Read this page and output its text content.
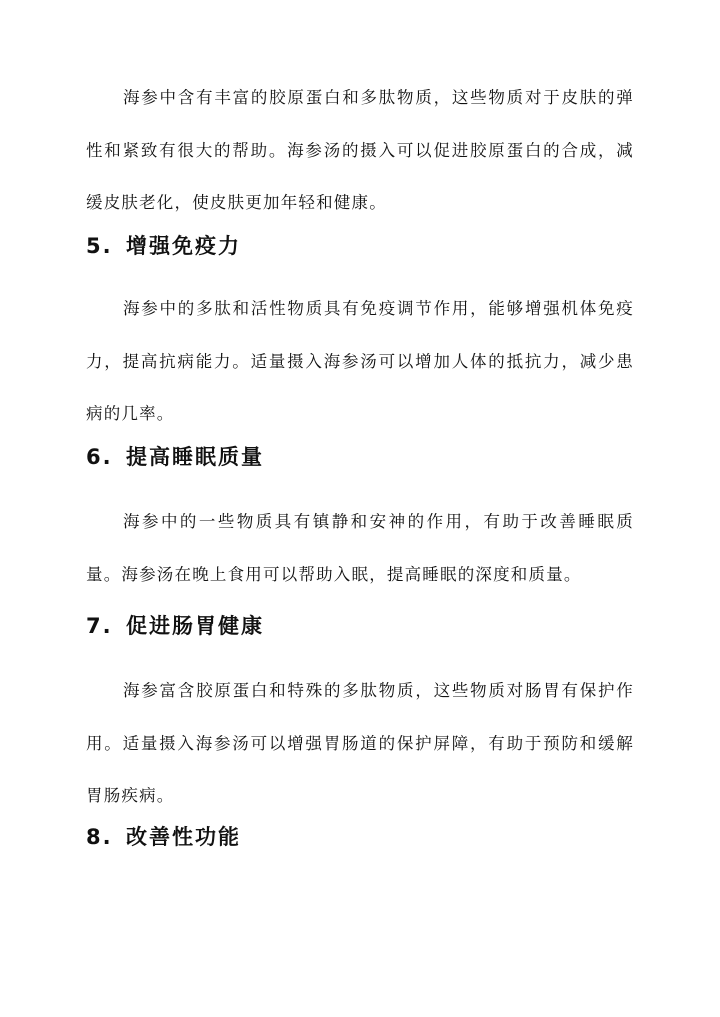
海参中含有丰富的胶原蛋白和多肽物质，这些物质对于皮肤的弹性和紧致有很大的帮助。海参汤的摄入可以促进胶原蛋白的合成，减缓皮肤老化，使皮肤更加年轻和健康。

5. 增强免疫力

海参中的多肽和活性物质具有免疫调节作用，能够增强机体免疫力，提高抗病能力。适量摄入海参汤可以增加人体的抵抗力，减少患病的几率。

6. 提高睡眠质量

海参中的一些物质具有镇静和安神的作用，有助于改善睡眠质量。海参汤在晚上食用可以帮助入眠，提高睡眠的深度和质量。

7. 促进肠胃健康

海参富含胶原蛋白和特殊的多肽物质，这些物质对肠胃有保护作用。适量摄入海参汤可以增强胃肠道的保护屏障，有助于预防和缓解胃肠疾病。

8. 改善性功能
